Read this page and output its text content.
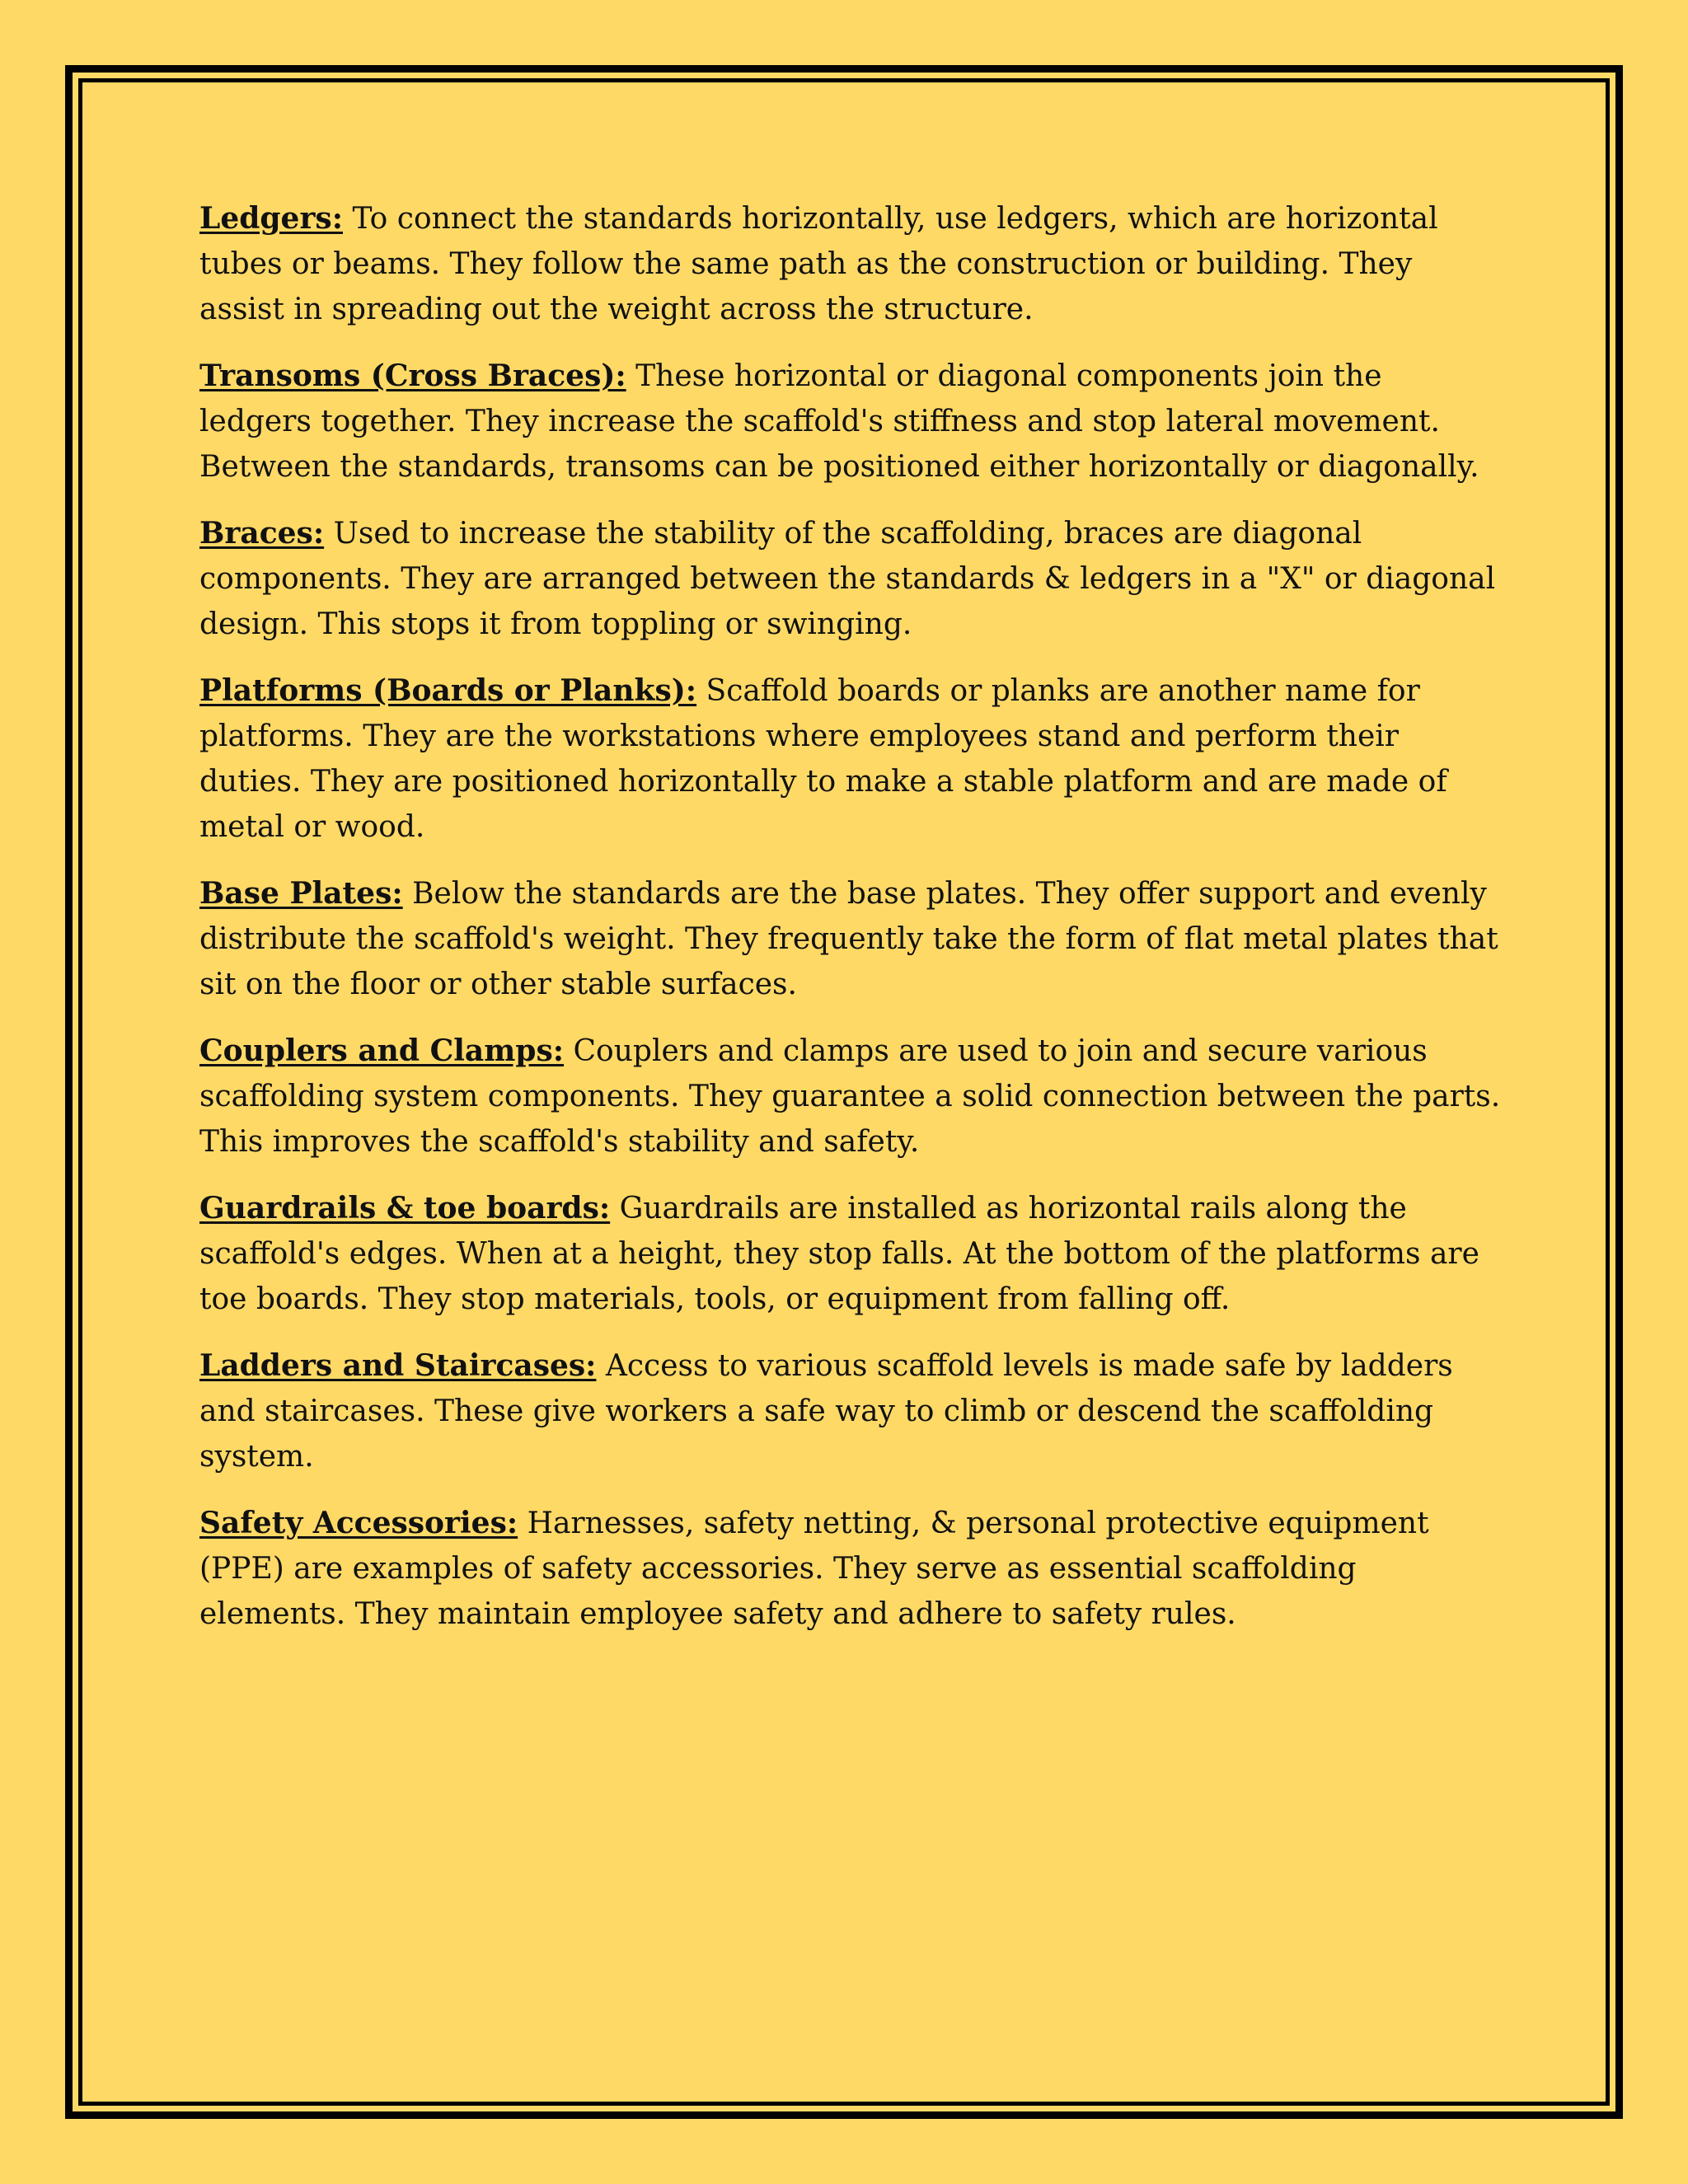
Ledgers: To connect the standards horizontally, use ledgers, which are horizontal tubes or beams. They follow the same path as the construction or building. They assist in spreading out the weight across the structure.

Transoms (Cross Braces): These horizontal or diagonal components join the ledgers together. They increase the scaffold's stiffness and stop lateral movement. Between the standards, transoms can be positioned either horizontally or diagonally.

Braces: Used to increase the stability of the scaffolding, braces are diagonal components. They are arranged between the standards & ledgers in a "X" or diagonal design. This stops it from toppling or swinging.

Platforms (Boards or Planks): Scaffold boards or planks are another name for platforms. They are the workstations where employees stand and perform their duties. They are positioned horizontally to make a stable platform and are made of metal or wood.

Base Plates: Below the standards are the base plates. They offer support and evenly distribute the scaffold's weight. They frequently take the form of flat metal plates that sit on the floor or other stable surfaces.

Couplers and Clamps: Couplers and clamps are used to join and secure various scaffolding system components. They guarantee a solid connection between the parts. This improves the scaffold's stability and safety.

Guardrails & toe boards: Guardrails are installed as horizontal rails along the scaffold's edges. When at a height, they stop falls. At the bottom of the platforms are toe boards. They stop materials, tools, or equipment from falling off.

Ladders and Staircases: Access to various scaffold levels is made safe by ladders and staircases. These give workers a safe way to climb or descend the scaffolding system.

Safety Accessories: Harnesses, safety netting, & personal protective equipment (PPE) are examples of safety accessories. They serve as essential scaffolding elements. They maintain employee safety and adhere to safety rules.
